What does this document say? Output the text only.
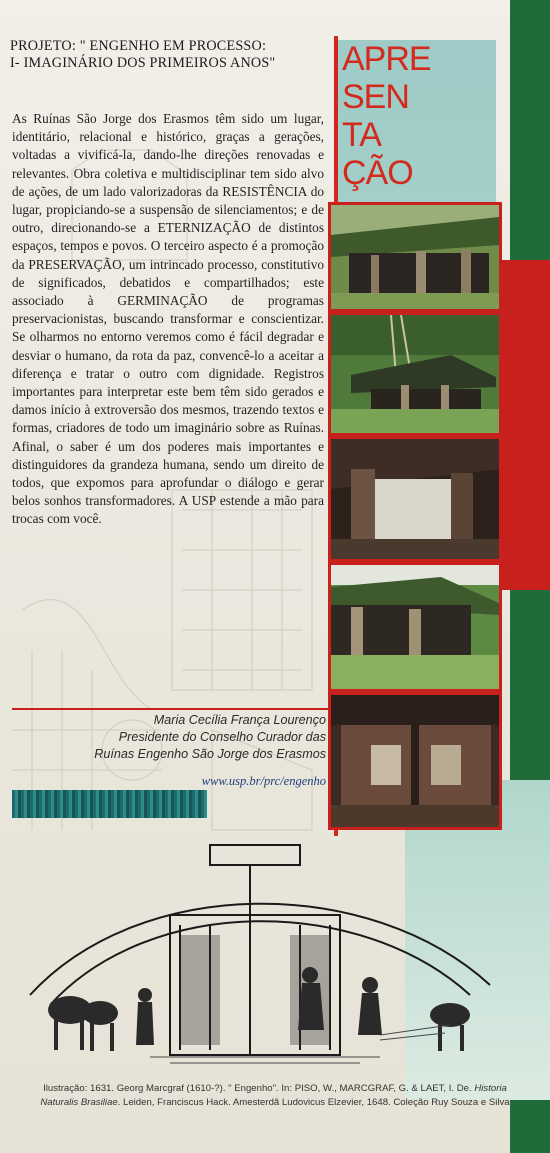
PROJETO: " ENGENHO EM PROCESSO:
I- IMAGINÁRIO DOS PRIMEIROS ANOS"

As Ruínas São Jorge dos Erasmos têm sido um lugar, identitário, relacional e histórico, graças a gerações, voltadas a vivificá-la, dando-lhe direções renovadas e relevantes. Obra coletiva e multidisciplinar tem sido alvo de ações, de um lado valorizadoras da RESISTÊNCIA do lugar, propiciando-se a suspensão de silenciamentos; e de outro, direcionando-se a ETERNIZAÇÃO de distintos espaços, tempos e povos. O terceiro aspecto é a promoção da PRESERVAÇÃO, um intrincado processo, constitutivo de significados, debatidos e compartilhados; este associado à GERMINAÇÃO de programas preservacionistas, buscando transformar e conscientizar. Se olharmos no entorno veremos como é fácil degradar e desviar o humano, da rota da paz, convencê-lo a aceitar a diferença e tratar o outro com dignidade. Registros importantes para interpretar este bem têm sido gerados e damos início à extroversão dos mesmos, trazendo textos e formas, criadores de todo um imaginário sobre as Ruínas. Afinal, o saber é um dos poderes mais importantes e distinguidores da grandeza humana, sendo um direito de todos, que expomos para aprofundar o diálogo e gerar belos sonhos transformadores. A USP estende a mão para trocas com você.

Maria Cecília França Lourenço
Presidente do Conselho Curador das
Ruínas Engenho São Jorge dos Erasmos
www.usp.br/prc/engenho
APRE
SEN
TA
ÇÃO
Ilustração: 1631. Georg Marcgraf (1610-?). " Engenho". In: PISO, W., MARCGRAF, G. & LAET, I. De. Historia
Naturalis Brasiliae. Leiden, Franciscus Hack. Amesterdã Ludovicus Elzevier, 1648. Coleção Ruy Souza e Silva
